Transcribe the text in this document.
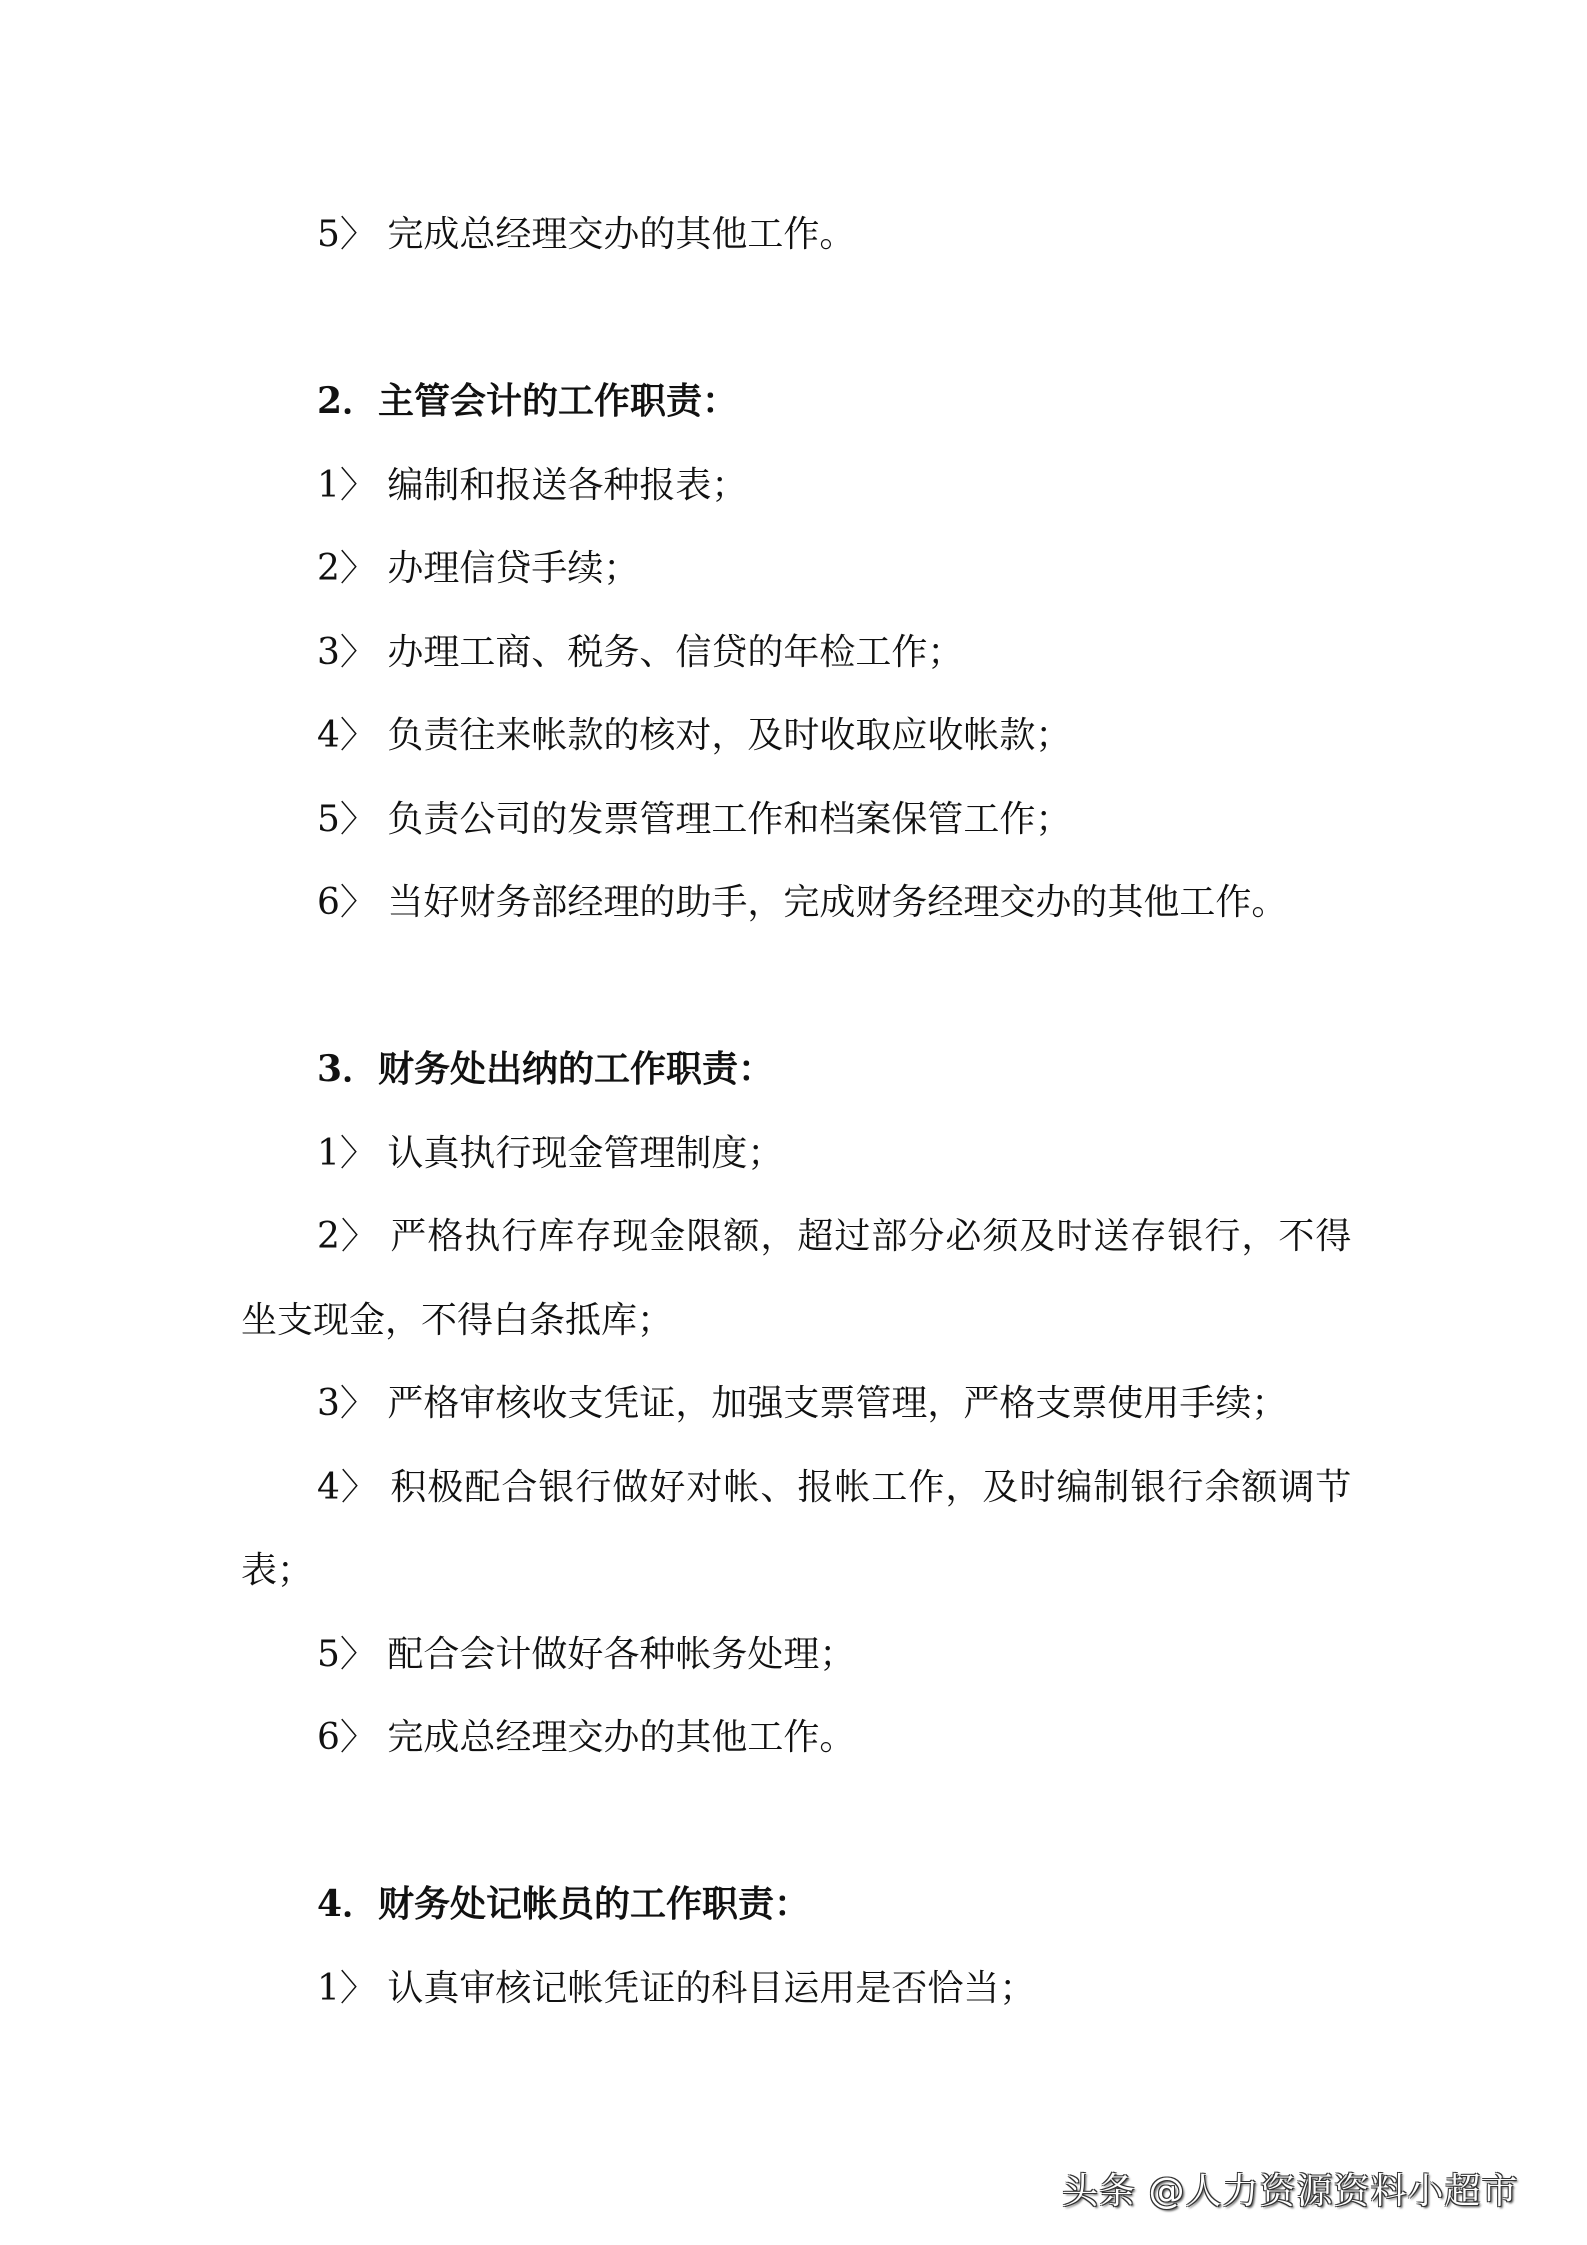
5〉 完成总经理交办的其他工作。
2．主管会计的工作职责：
1〉 编制和报送各种报表；
2〉 办理信贷手续；
3〉 办理工商、税务、信贷的年检工作；
4〉 负责往来帐款的核对，及时收取应收帐款；
5〉 负责公司的发票管理工作和档案保管工作；
6〉 当好财务部经理的助手，完成财务经理交办的其他工作。
3．财务处出纳的工作职责：
1〉 认真执行现金管理制度；
2〉 严格执行库存现金限额，超过部分必须及时送存银行，不得
坐支现金，不得白条抵库；
3〉 严格审核收支凭证，加强支票管理，严格支票使用手续；
4〉 积极配合银行做好对帐、报帐工作，及时编制银行余额调节
表；
5〉 配合会计做好各种帐务处理；
6〉 完成总经理交办的其他工作。
4．财务处记帐员的工作职责：
1〉 认真审核记帐凭证的科目运用是否恰当；
头条 @人力资源资料小超市
